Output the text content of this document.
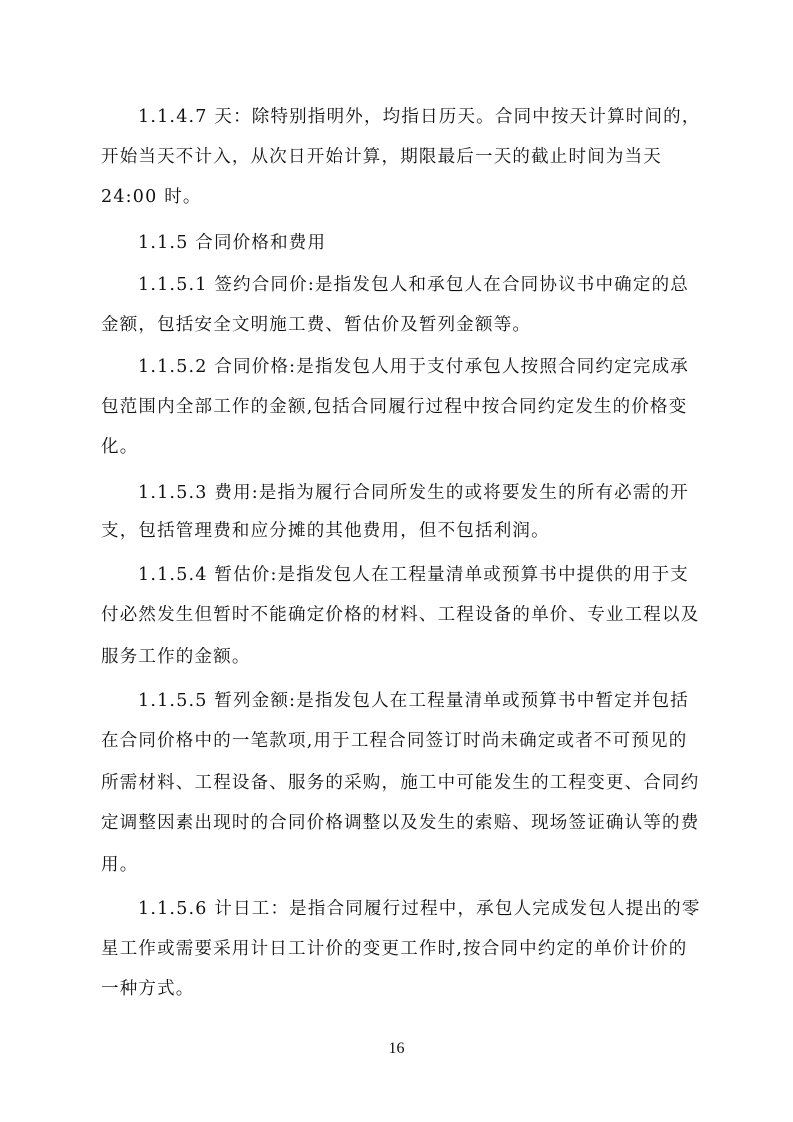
1.1.4.7 天：除特别指明外，均指日历天。合同中按天计算时间的，
开始当天不计入，从次日开始计算，期限最后一天的截止时间为当天
24:00 时。
1.1.5 合同价格和费用
1.1.5.1 签约合同价:是指发包人和承包人在合同协议书中确定的总
金额，包括安全文明施工费、暂估价及暂列金额等。
1.1.5.2 合同价格:是指发包人用于支付承包人按照合同约定完成承
包范围内全部工作的金额,包括合同履行过程中按合同约定发生的价格变
化。
1.1.5.3 费用:是指为履行合同所发生的或将要发生的所有必需的开
支，包括管理费和应分摊的其他费用，但不包括利润。
1.1.5.4 暂估价:是指发包人在工程量清单或预算书中提供的用于支
付必然发生但暂时不能确定价格的材料、工程设备的单价、专业工程以及
服务工作的金额。
1.1.5.5 暂列金额:是指发包人在工程量清单或预算书中暂定并包括
在合同价格中的一笔款项,用于工程合同签订时尚未确定或者不可预见的
所需材料、工程设备、服务的采购，施工中可能发生的工程变更、合同约
定调整因素出现时的合同价格调整以及发生的索赔、现场签证确认等的费
用。
1.1.5.6 计日工：是指合同履行过程中，承包人完成发包人提出的零
星工作或需要采用计日工计价的变更工作时,按合同中约定的单价计价的
一种方式。
16
